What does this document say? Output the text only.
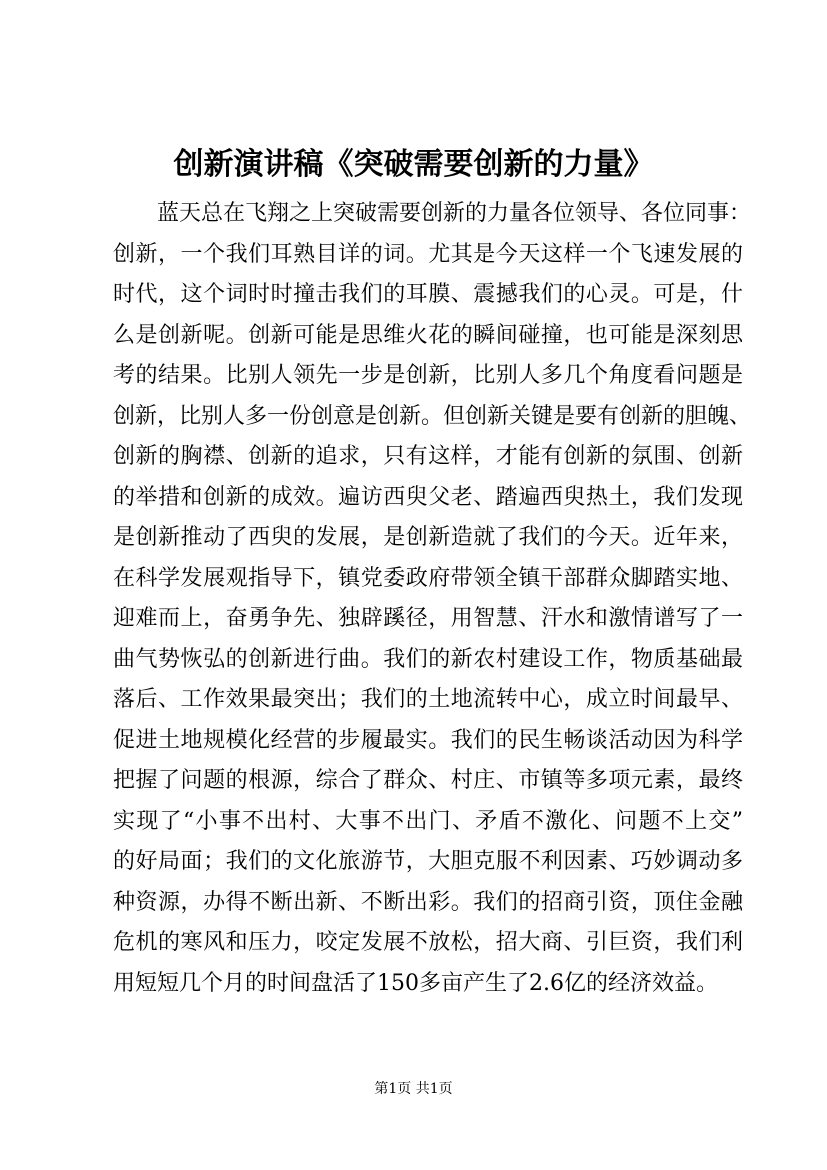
创新演讲稿《突破需要创新的力量》
蓝天总在飞翔之上突破需要创新的力量各位领导、各位同事：
创新，一个我们耳熟目详的词。尤其是今天这样一个飞速发展的
时代，这个词时时撞击我们的耳膜、震撼我们的心灵。可是，什
么是创新呢。创新可能是思维火花的瞬间碰撞，也可能是深刻思
考的结果。比别人领先一步是创新，比别人多几个角度看问题是
创新，比别人多一份创意是创新。但创新关键是要有创新的胆魄、
创新的胸襟、创新的追求，只有这样，才能有创新的氛围、创新
的举措和创新的成效。遍访西臾父老、踏遍西臾热土，我们发现
是创新推动了西臾的发展，是创新造就了我们的今天。近年来，
在科学发展观指导下，镇党委政府带领全镇干部群众脚踏实地、
迎难而上，奋勇争先、独辟蹊径，用智慧、汗水和激情谱写了一
曲气势恢弘的创新进行曲。我们的新农村建设工作，物质基础最
落后、工作效果最突出；我们的土地流转中心，成立时间最早、
促进土地规模化经营的步履最实。我们的民生畅谈活动因为科学
把握了问题的根源，综合了群众、村庄、市镇等多项元素，最终
实现了“小事不出村、大事不出门、矛盾不激化、问题不上交”
的好局面；我们的文化旅游节，大胆克服不利因素、巧妙调动多
种资源，办得不断出新、不断出彩。我们的招商引资，顶住金融
危机的寒风和压力，咬定发展不放松，招大商、引巨资，我们利
用短短几个月的时间盘活了150多亩产生了2.6亿的经济效益。
第1页 共1页
